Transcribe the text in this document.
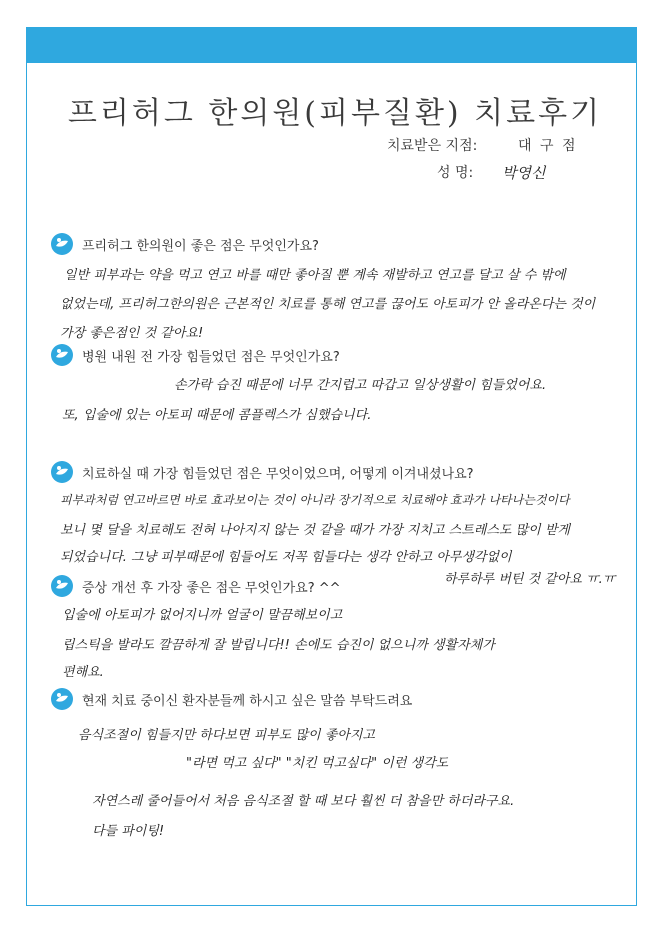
프리허그 한의원(피부질환) 치료후기
치료받은 지점:	대 구 점
성 명: 박영신
프리허그 한의원이 좋은 점은 무엇인가요?
일반 피부과는 약을 먹고 연고 바를 때만 좋아질 뿐 계속 재발하고 연고를 달고 살 수 밖에
없었는데, 프리허그한의원은 근본적인 치료를 통해 연고를 끊어도 아토피가 안 올라온다는 것이
가장 좋은점인 것 같아요!
병원 내원 전 가장 힘들었던 점은 무엇인가요?
손가락 습진 때문에 너무 간지럽고 따갑고 일상생활이 힘들었어요.
또, 입술에 있는 아토피 때문에 콤플렉스가 심했습니다.
치료하실 때 가장 힘들었던 점은 무엇이었으며, 어떻게 이겨내셨나요?
피부과처럼 연고바르면 바로 효과보이는 것이 아니라 장기적으로 치료해야 효과가 나타나는것이다
보니 몇 달을 치료해도 전혀 나아지지 않는 것 같을 때가 가장 지치고 스트레스도 많이 받게
되었습니다. 그냥 피부때문에 힘들어도 저꼭 힘들다는 생각 안하고 아무생각없이
하루하루 버틴 것 같아요 ㅠ.ㅠ
증상 개선 후 가장 좋은 점은 무엇인가요? ^^
입술에 아토피가 없어지니까 얼굴이 말끔해보이고
립스틱을 발라도 깔끔하게 잘 발립니다!! 손에도 습진이 없으니까 생활자체가
편해요.
현재 치료 중이신 환자분들께 하시고 싶은 말씀 부탁드려요
음식조절이 힘들지만 하다보면 피부도 많이 좋아지고
"라면 먹고 싶다" "치킨 먹고싶다" 이런 생각도
자연스레 줄어들어서 처음 음식조절 할 때 보다 훨씬 더 참을만 하더라구요.
다들 파이팅!
